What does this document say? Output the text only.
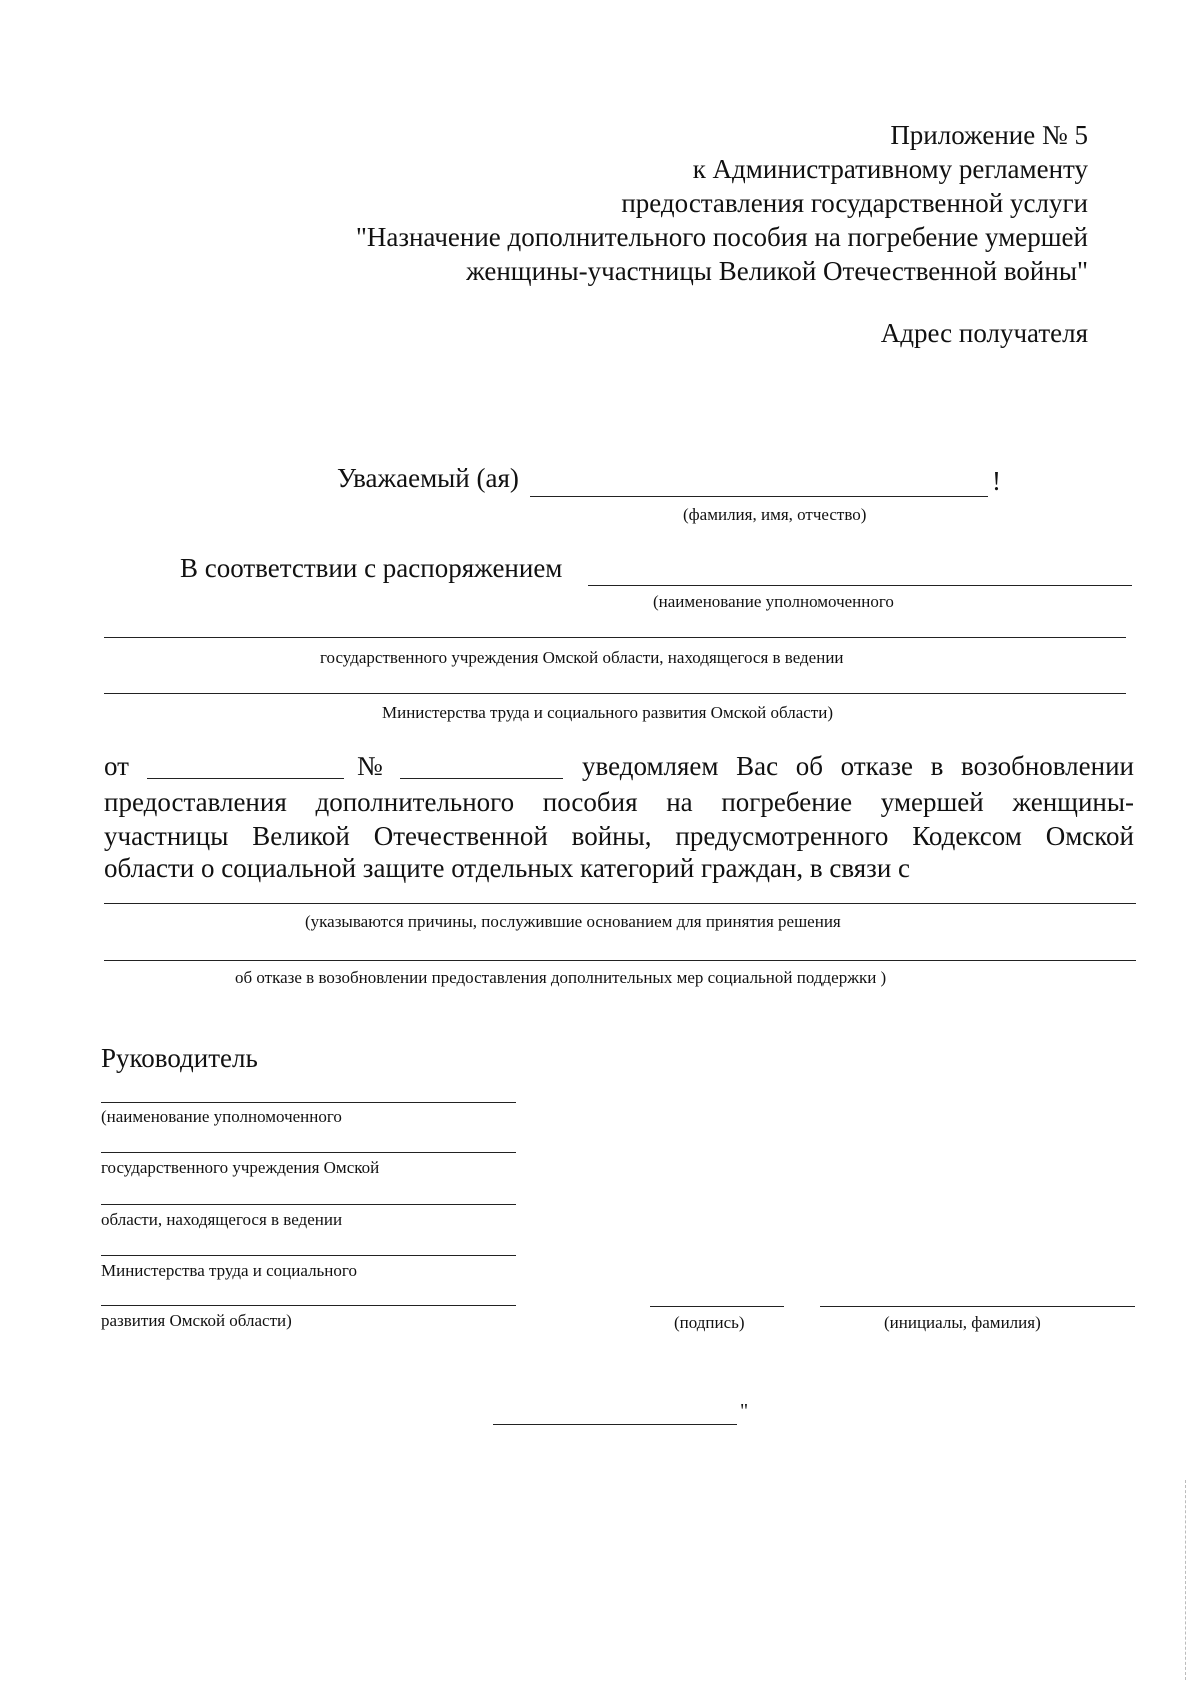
Приложение № 5
к Административному регламенту
предоставления государственной услуги
"Назначение дополнительного пособия на погребение умершей
женщины-участницы Великой Отечественной войны"
Адрес получателя
Уважаемый (ая)	!
(фамилия, имя, отчество)
В соответствии с распоряжением
(наименование уполномоченного
государственного учреждения Омской области, находящегося в ведении
Министерства труда и социального развития Омской области)
от	№	уведомляем Вас об отказе в возобновлении
предоставления дополнительного пособия на погребение умершей женщины-
участницы Великой Отечественной войны, предусмотренного Кодексом Омской
области о социальной защите отдельных категорий граждан, в связи с
(указываются причины, послужившие основанием для принятия решения
об отказе в возобновлении предоставления дополнительных мер социальной поддержки )
Руководитель
(наименование уполномоченного
государственного учреждения Омской
области, находящегося в ведении
Министерства труда и социального
развития Омской области)	(подпись)	(инициалы, фамилия)
"
